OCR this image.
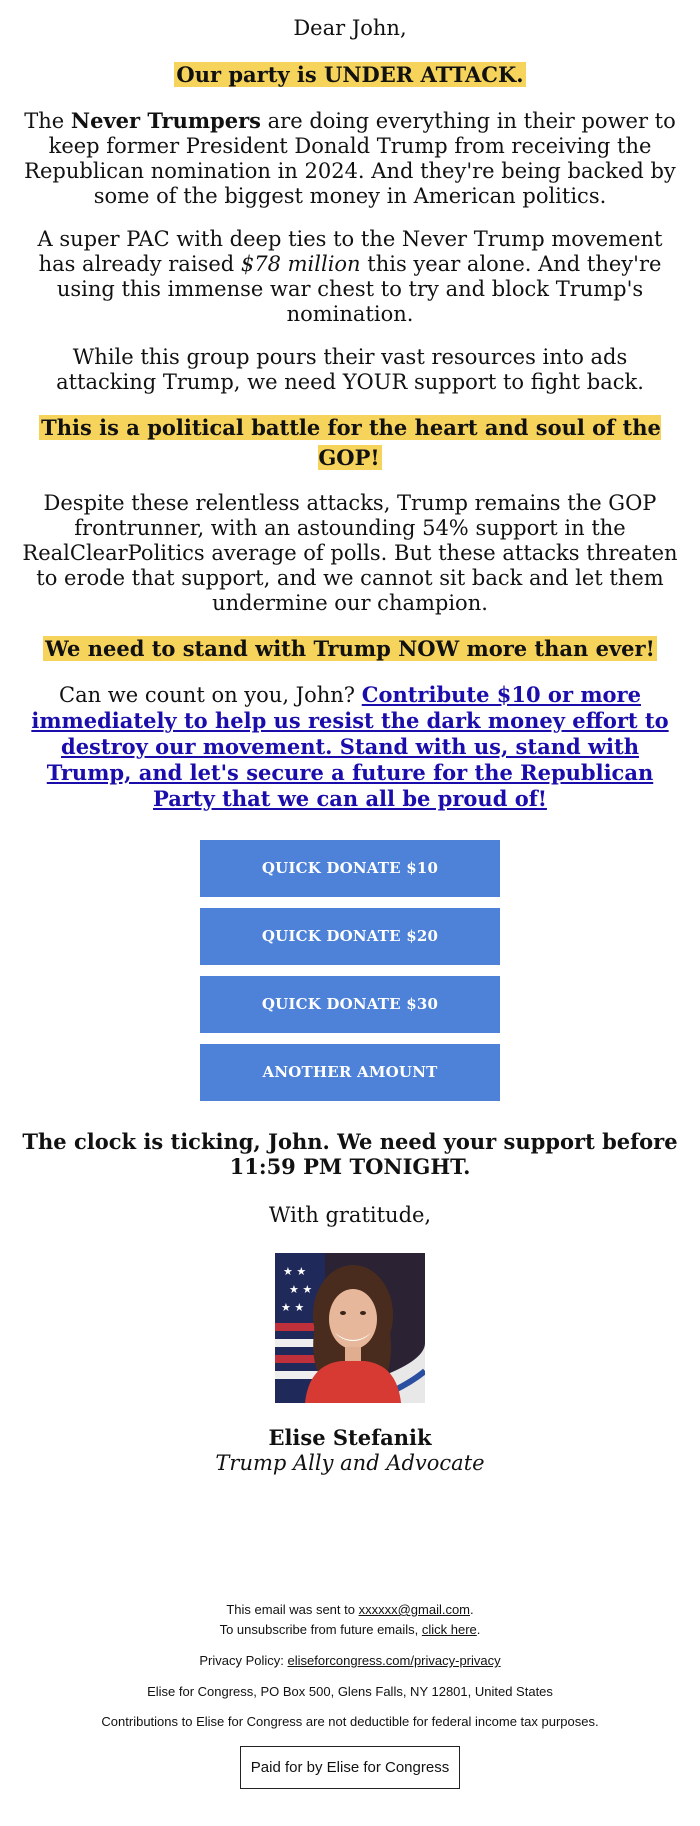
Dear John,

Our party is UNDER ATTACK.

The Never Trumpers are doing everything in their power to keep former President Donald Trump from receiving the Republican nomination in 2024. And they're being backed by some of the biggest money in American politics.

A super PAC with deep ties to the Never Trump movement has already raised $78 million this year alone. And they're using this immense war chest to try and block Trump's nomination.

While this group pours their vast resources into ads attacking Trump, we need YOUR support to fight back.

This is a political battle for the heart and soul of the GOP!

Despite these relentless attacks, Trump remains the GOP frontrunner, with an astounding 54% support in the RealClearPolitics average of polls. But these attacks threaten to erode that support, and we cannot sit back and let them undermine our champion.

We need to stand with Trump NOW more than ever!

Can we count on you, John? Contribute $10 or more immediately to help us resist the dark money effort to destroy our movement. Stand with us, stand with Trump, and let's secure a future for the Republican Party that we can all be proud of!

QUICK DONATE $10
QUICK DONATE $20
QUICK DONATE $30
ANOTHER AMOUNT

The clock is ticking, John. We need your support before 11:59 PM TONIGHT.

With gratitude,

★ ★
★ ★
★ ★

Elise Stefanik

Trump Ally and Advocate

This email was sent to xxxxxx@gmail.com.

To unsubscribe from future emails, click here.

Privacy Policy: eliseforcongress.com/privacy-privacy

Elise for Congress, PO Box 500, Glens Falls, NY 12801, United States

Contributions to Elise for Congress are not deductible for federal income tax purposes.

Paid for by Elise for Congress
